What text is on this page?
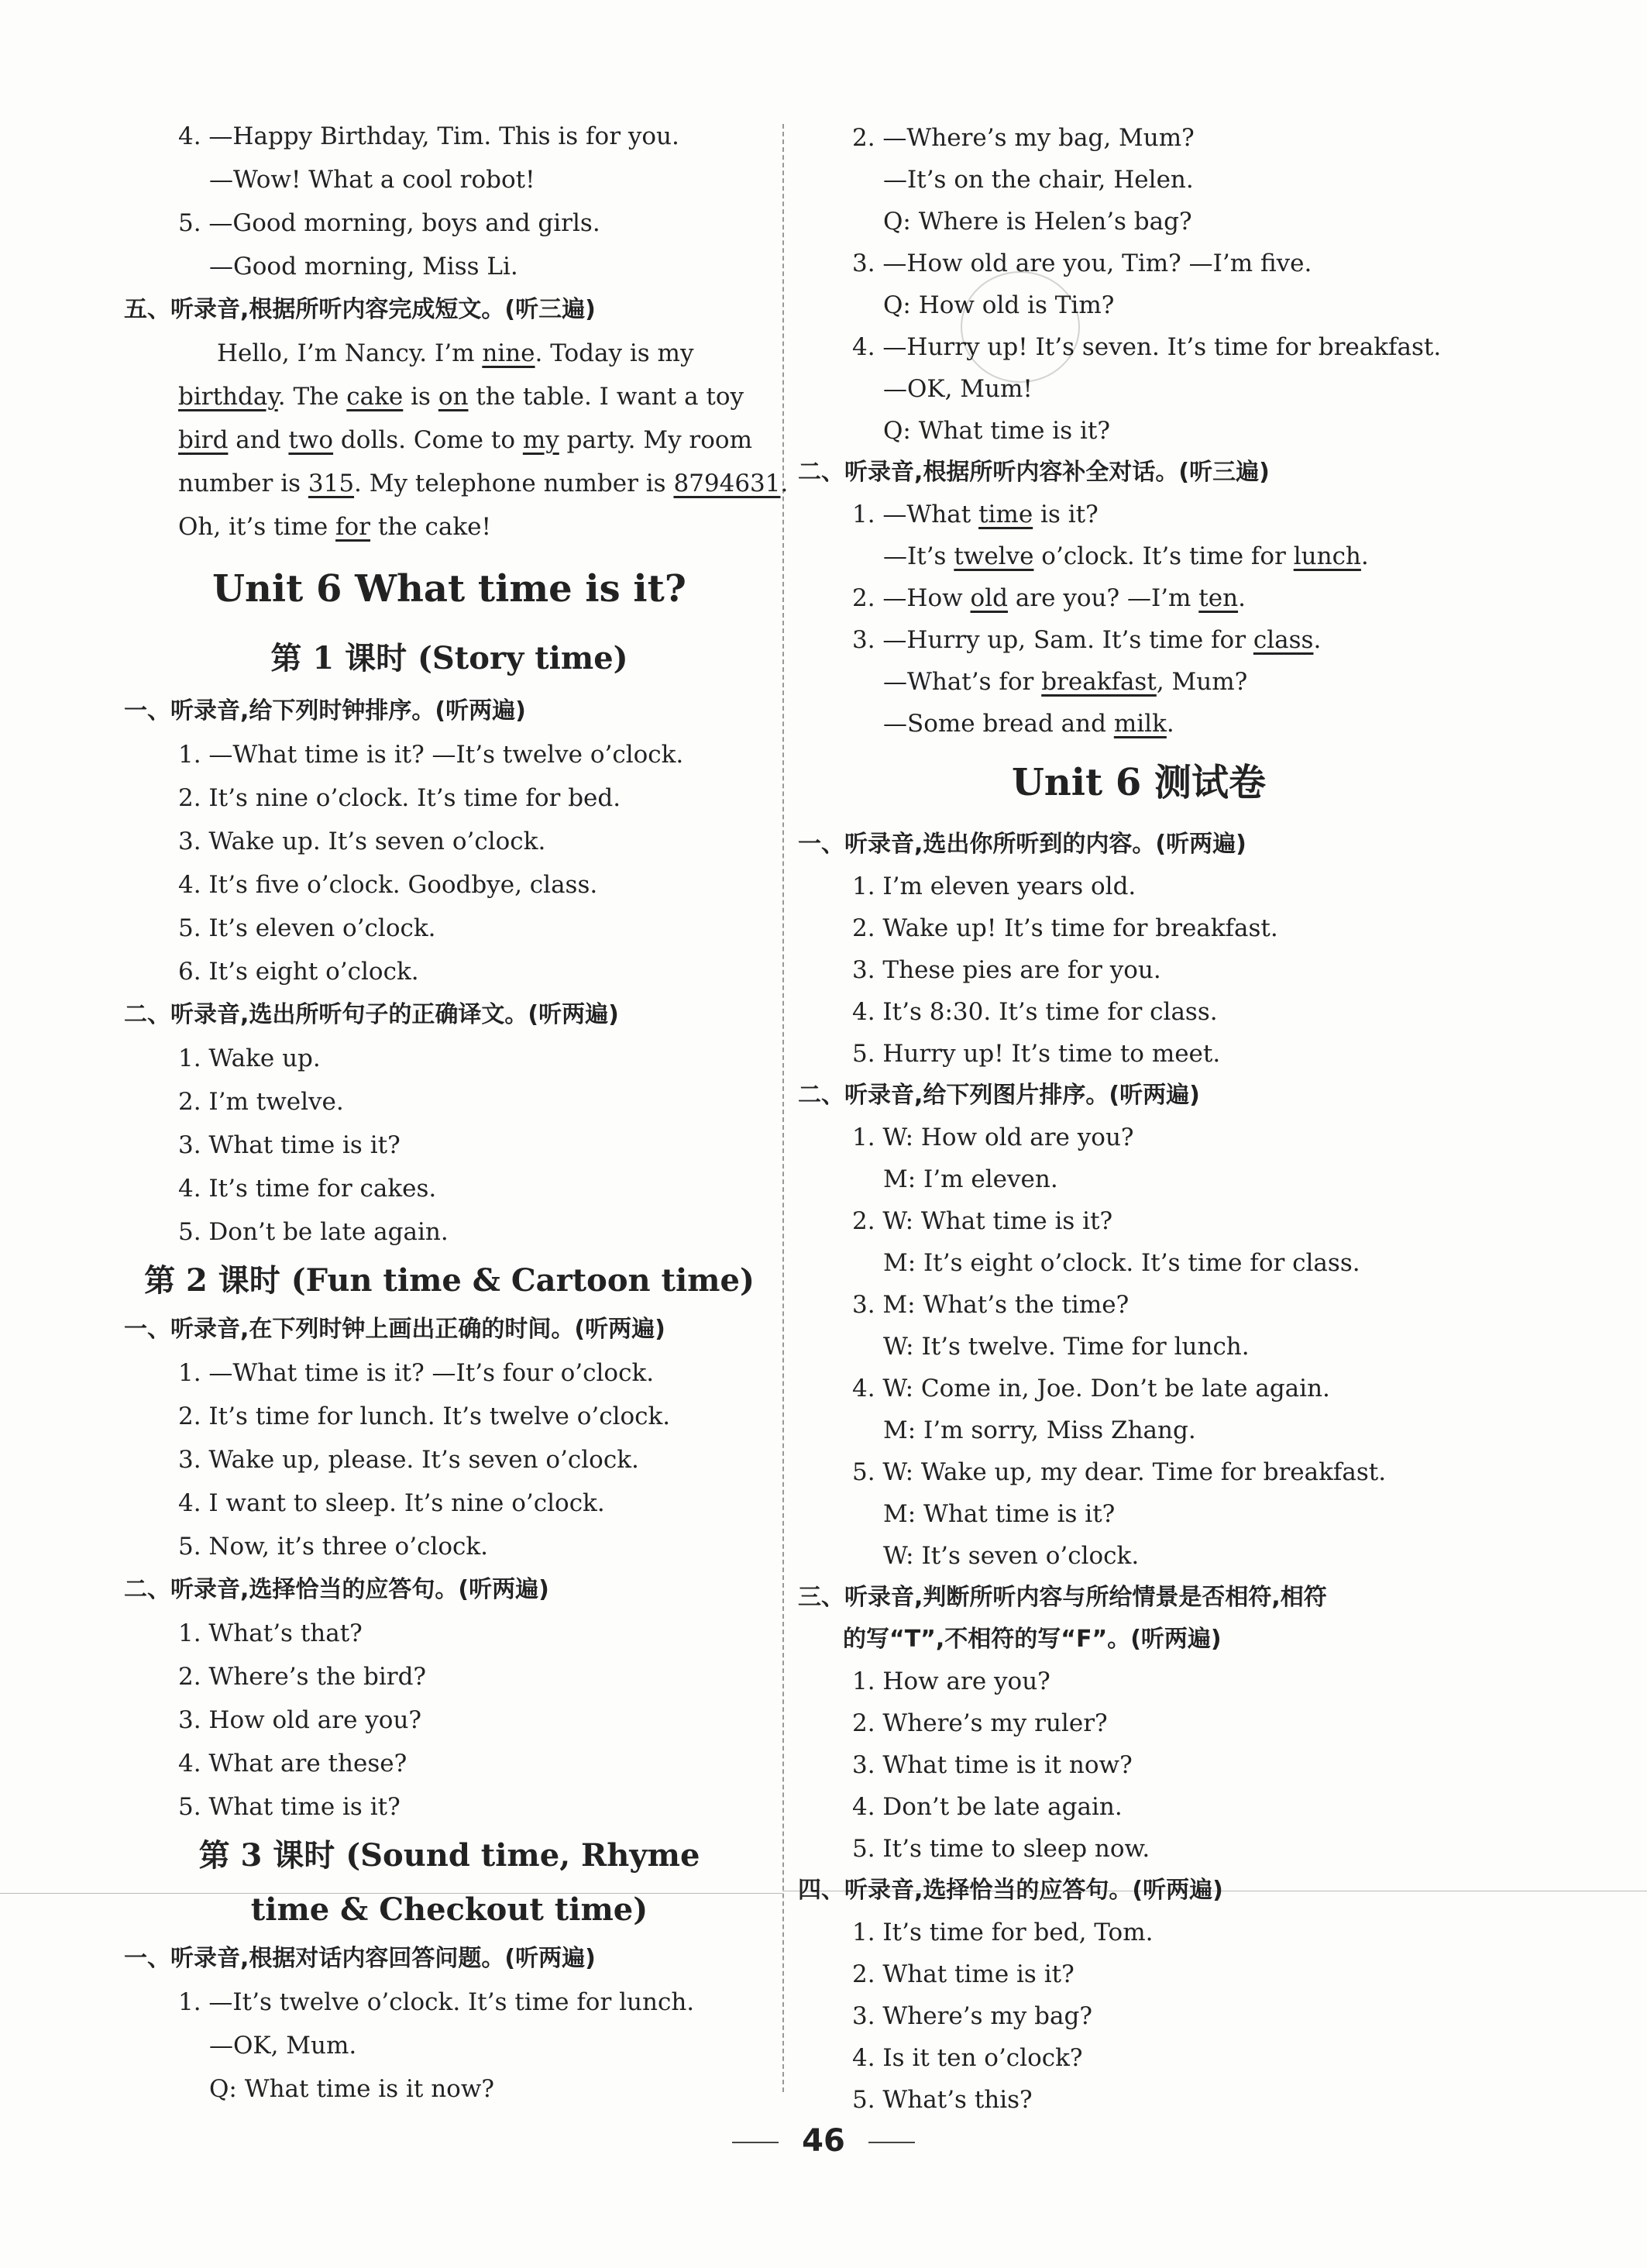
4. —Happy Birthday, Tim. This is for you.
—Wow! What a cool robot!
5. —Good morning, boys and girls.
—Good morning, Miss Li.
五、听录音,根据所听内容完成短文。(听三遍)
Hello, I’m Nancy. I’m nine. Today is my
birthday. The cake is on the table. I want a toy
bird and two dolls. Come to my party. My room
number is 315. My telephone number is 8794631.
Oh, it’s time for the cake!
Unit 6 What time is it?
第 1 课时 (Story time)
一、听录音,给下列时钟排序。(听两遍)
1. —What time is it? —It’s twelve o’clock.
2. It’s nine o’clock. It’s time for bed.
3. Wake up. It’s seven o’clock.
4. It’s five o’clock. Goodbye, class.
5. It’s eleven o’clock.
6. It’s eight o’clock.
二、听录音,选出所听句子的正确译文。(听两遍)
1. Wake up.
2. I’m twelve.
3. What time is it?
4. It’s time for cakes.
5. Don’t be late again.
第 2 课时 (Fun time & Cartoon time)
一、听录音,在下列时钟上画出正确的时间。(听两遍)
1. —What time is it? —It’s four o’clock.
2. It’s time for lunch. It’s twelve o’clock.
3. Wake up, please. It’s seven o’clock.
4. I want to sleep. It’s nine o’clock.
5. Now, it’s three o’clock.
二、听录音,选择恰当的应答句。(听两遍)
1. What’s that?
2. Where’s the bird?
3. How old are you?
4. What are these?
5. What time is it?
第 3 课时 (Sound time, Rhyme
time & Checkout time)
一、听录音,根据对话内容回答问题。(听两遍)
1. —It’s twelve o’clock. It’s time for lunch.
—OK, Mum.
Q: What time is it now?
2. —Where’s my bag, Mum?
—It’s on the chair, Helen.
Q: Where is Helen’s bag?
3. —How old are you, Tim? —I’m five.
Q: How old is Tim?
4. —Hurry up! It’s seven. It’s time for breakfast.
—OK, Mum!
Q: What time is it?
二、听录音,根据所听内容补全对话。(听三遍)
1. —What time is it?
—It’s twelve o’clock. It’s time for lunch.
2. —How old are you? —I’m ten.
3. —Hurry up, Sam. It’s time for class.
—What’s for breakfast, Mum?
—Some bread and milk.
Unit 6 测试卷
一、听录音,选出你所听到的内容。(听两遍)
1. I’m eleven years old.
2. Wake up! It’s time for breakfast.
3. These pies are for you.
4. It’s 8:30. It’s time for class.
5. Hurry up! It’s time to meet.
二、听录音,给下列图片排序。(听两遍)
1. W: How old are you?
M: I’m eleven.
2. W: What time is it?
M: It’s eight o’clock. It’s time for class.
3. M: What’s the time?
W: It’s twelve. Time for lunch.
4. W: Come in, Joe. Don’t be late again.
M: I’m sorry, Miss Zhang.
5. W: Wake up, my dear. Time for breakfast.
M: What time is it?
W: It’s seven o’clock.
三、听录音,判断所听内容与所给情景是否相符,相符
的写“T”,不相符的写“F”。(听两遍)
1. How are you?
2. Where’s my ruler?
3. What time is it now?
4. Don’t be late again.
5. It’s time to sleep now.
四、听录音,选择恰当的应答句。(听两遍)
1. It’s time for bed, Tom.
2. What time is it?
3. Where’s my bag?
4. Is it ten o’clock?
5. What’s this?
46
